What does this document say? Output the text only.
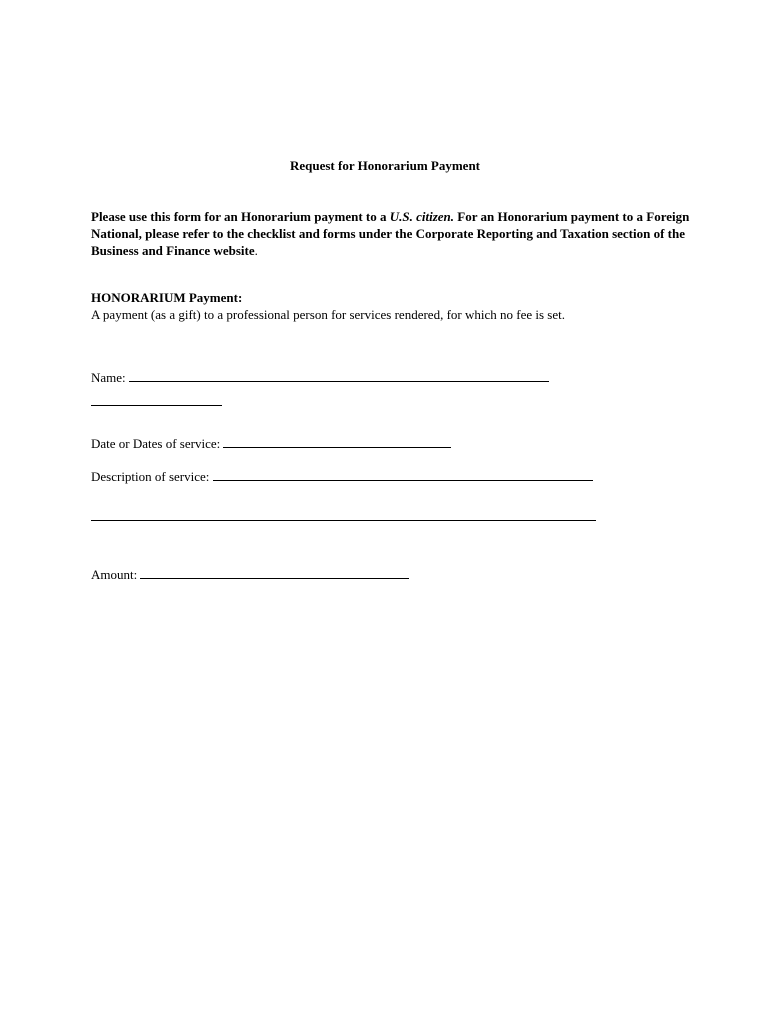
Request for Honorarium Payment
Please use this form for an Honorarium payment to a U.S. citizen. For an Honorarium payment to a Foreign National, please refer to the checklist and forms under the Corporate Reporting and Taxation section of the Business and Finance website.
HONORARIUM Payment:
A payment (as a gift) to a professional person for services rendered, for which no fee is set.
Name:
Date or Dates of service:
Description of service:
Amount:
